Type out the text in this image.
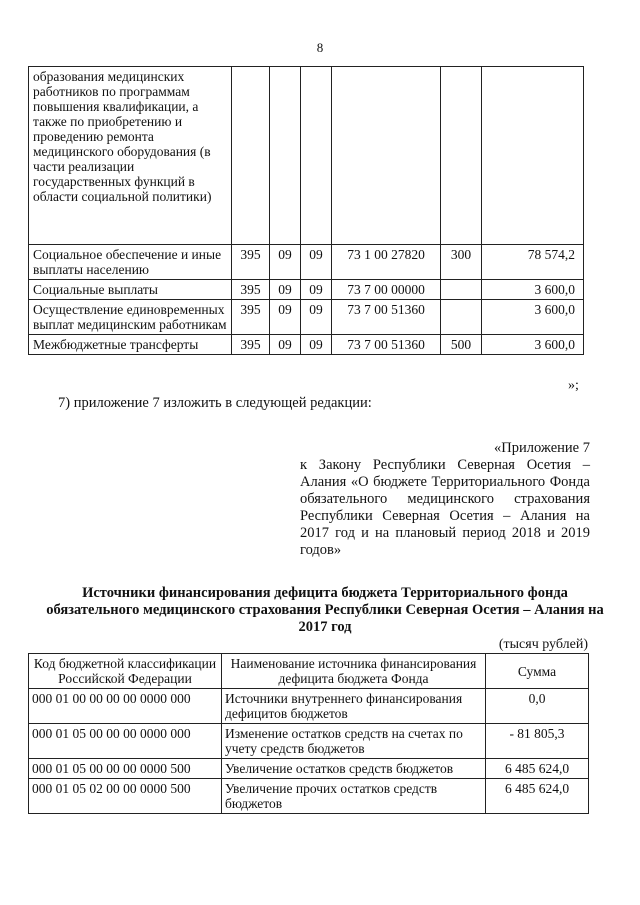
8
образования медицинских работников по программам повышения квалификации, а также по приобретению и проведению ремонта медицинского оборудования (в части реализации государственных функций в области социальной политики)						
Социальное обеспечение и иные выплаты населению	395	09	09	73 1 00 27820	300	78 574,2
Социальные выплаты	395	09	09	73 7 00 00000		3 600,0
Осуществление единовременных выплат медицинским работникам	395	09	09	73 7 00 51360		3 600,0
Межбюджетные трансферты	395	09	09	73 7 00 51360	500	3 600,0
»;
7) приложение 7 изложить в следующей редакции:
«Приложение 7
к Закону Республики Северная Осетия – Алания «О бюджете Территориального Фонда обязательного медицинского страхования Республики Северная Осетия – Алания на 2017 год и на плановый период 2018 и 2019 годов»
Источники финансирования дефицита бюджета Территориального фонда обязательного медицинского страхования Республики Северная Осетия – Алания на 2017 год
(тысяч рублей)
Код бюджетной классификации Российской Федерации	Наименование источника финансирования дефицита бюджета Фонда	Сумма
000 01 00 00 00 00 0000 000	Источники внутреннего финансирования дефицитов бюджетов	0,0
000 01 05 00 00 00 0000 000	Изменение остатков средств на счетах по учету средств бюджетов	- 81 805,3
000 01 05 00 00 00 0000 500	Увеличение остатков средств бюджетов	6 485 624,0
000 01 05 02 00 00 0000 500	Увеличение прочих остатков средств бюджетов	6 485 624,0
